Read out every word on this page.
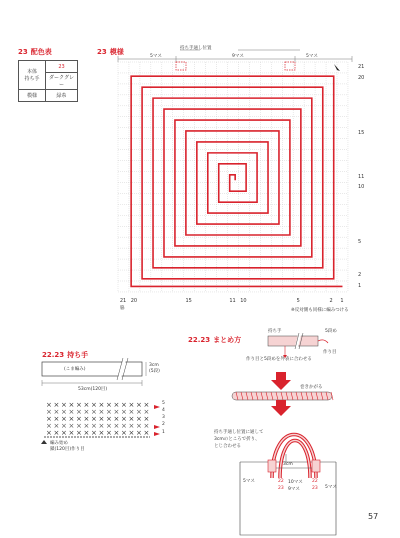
23 配色表
本体
持ち手	23
	ダークグレー
模様	緑糸
23 模様	持ち手通し位置
5マス	9マス	5マス
× × × × × × × × × × × × × ×
× × × × × × × × × × × × × ×
× × × × × × × × × × × × × ×
× × × × × × × × × × × × × ×
× × × × × × × × × × × × × ×
21
20
15
11
10
5
2
1
21 20	15	11 10	5	2	1
脇	※反対側も同様に編みつける
22.23 持ち手
(こま編み)
3cm
(5段)
53cm(120目)
5
4
3
2
1
編み始め
鎖(120目)作り目
22.23 まとめ方
持ち手	5段め
作り目
作り目と5段めを外表に合わせる
巻きかがる
持ち手通し位置に通して
3cmのところで折り、
とじ合わせる
3cm
5マス
5マス
22 10マス
23 9マス
22
23
57
